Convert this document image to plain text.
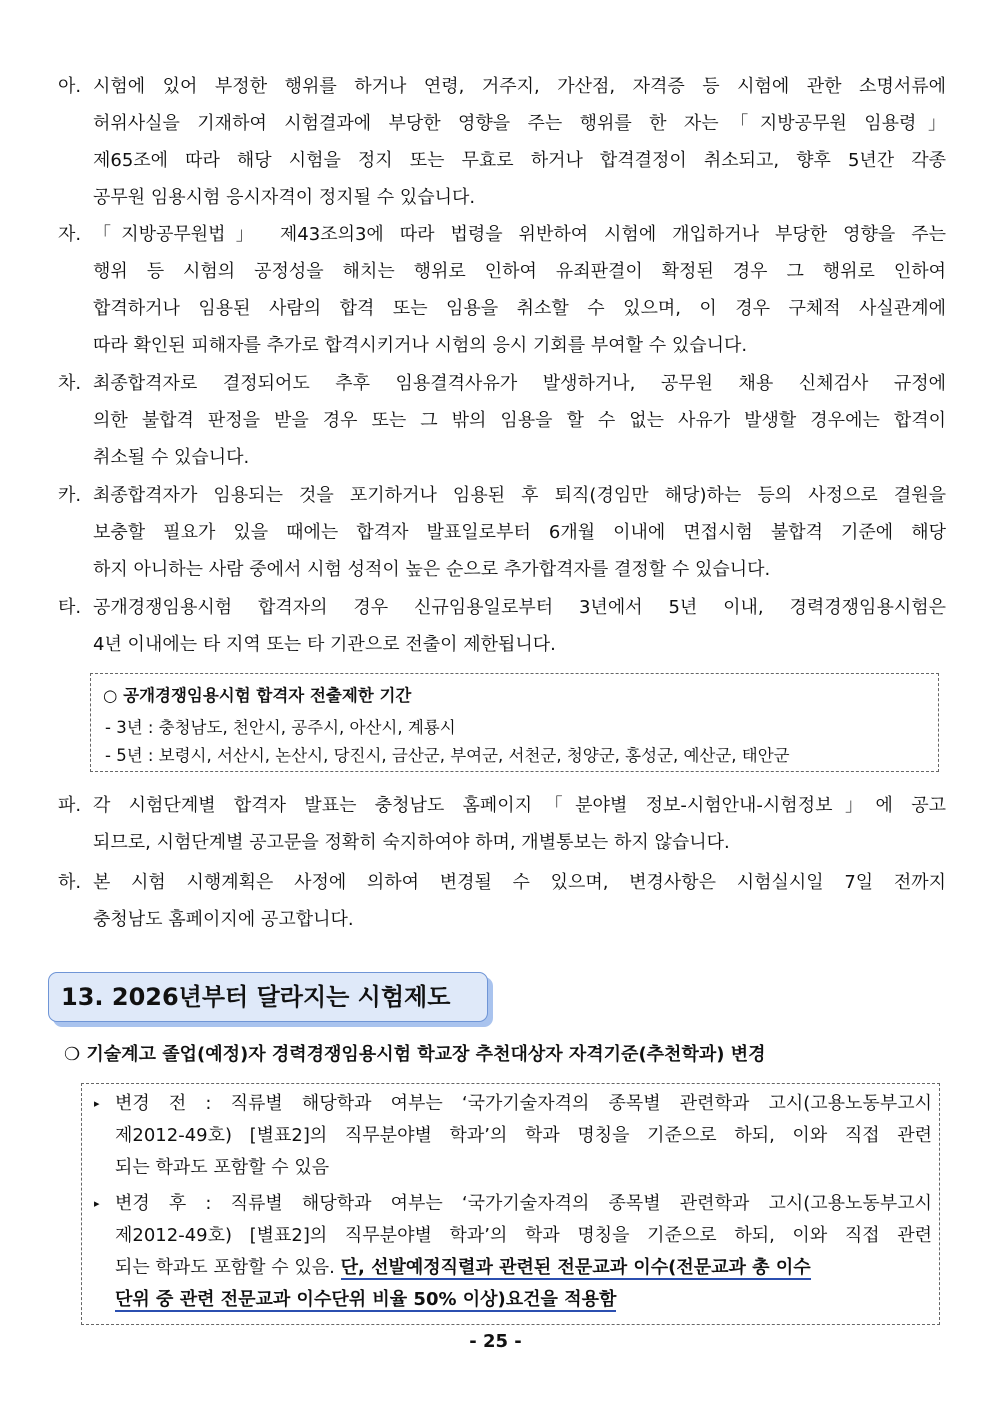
아. 시험에 있어 부정한 행위를 하거나 연령, 거주지, 가산점, 자격증 등 시험에 관한 소명서류에
허위사실을 기재하여 시험결과에 부당한 영향을 주는 행위를 한 자는「지방공무원 임용령」
제65조에 따라 해당 시험을 정지 또는 무효로 하거나 합격결정이 취소되고, 향후 5년간 각종
공무원 임용시험 응시자격이 정지될 수 있습니다.
자. 「지방공무원법」 제43조의3에 따라 법령을 위반하여 시험에 개입하거나 부당한 영향을 주는
행위 등 시험의 공정성을 해치는 행위로 인하여 유죄판결이 확정된 경우 그 행위로 인하여
합격하거나 임용된 사람의 합격 또는 임용을 취소할 수 있으며, 이 경우 구체적 사실관계에
따라 확인된 피해자를 추가로 합격시키거나 시험의 응시 기회를 부여할 수 있습니다.
차. 최종합격자로 결정되어도 추후 임용결격사유가 발생하거나, 공무원 채용 신체검사 규정에
의한 불합격 판정을 받을 경우 또는 그 밖의 임용을 할 수 없는 사유가 발생할 경우에는 합격이
취소될 수 있습니다.
카. 최종합격자가 임용되는 것을 포기하거나 임용된 후 퇴직(경임만 해당)하는 등의 사정으로 결원을
보충할 필요가 있을 때에는 합격자 발표일로부터 6개월 이내에 면접시험 불합격 기준에 해당
하지 아니하는 사람 중에서 시험 성적이 높은 순으로 추가합격자를 결정할 수 있습니다.
타. 공개경쟁임용시험 합격자의 경우 신규임용일로부터 3년에서 5년 이내, 경력경쟁임용시험은
4년 이내에는 타 지역 또는 타 기관으로 전출이 제한됩니다.
○ 공개경쟁임용시험 합격자 전출제한 기간
- 3년 : 충청남도, 천안시, 공주시, 아산시, 계룡시
- 5년 : 보령시, 서산시, 논산시, 당진시, 금산군, 부여군, 서천군, 청양군, 홍성군, 예산군, 태안군
파. 각 시험단계별 합격자 발표는 충청남도 홈페이지「분야별 정보-시험안내-시험정보」에 공고
되므로, 시험단계별 공고문을 정확히 숙지하여야 하며, 개별통보는 하지 않습니다.
하. 본 시험 시행계획은 사정에 의하여 변경될 수 있으며, 변경사항은 시험실시일 7일 전까지
충청남도 홈페이지에 공고합니다.
13. 2026년부터 달라지는 시험제도
❍ 기술계고 졸업(예정)자 경력경쟁임용시험 학교장 추천대상자 자격기준(추천학과) 변경
▸ 변경 전 : 직류별 해당학과 여부는 ‘국가기술자격의 종목별 관련학과 고시(고용노동부고시
제2012-49호) [별표2]의 직무분야별 학과’의 학과 명칭을 기준으로 하되, 이와 직접 관련
되는 학과도 포함할 수 있음
▸ 변경 후 : 직류별 해당학과 여부는 ‘국가기술자격의 종목별 관련학과 고시(고용노동부고시
제2012-49호) [별표2]의 직무분야별 학과’의 학과 명칭을 기준으로 하되, 이와 직접 관련
되는 학과도 포함할 수 있음. 단, 선발예정직렬과 관련된 전문교과 이수(전문교과 총 이수
단위 중 관련 전문교과 이수단위 비율 50% 이상)요건을 적용함
- 25 -
